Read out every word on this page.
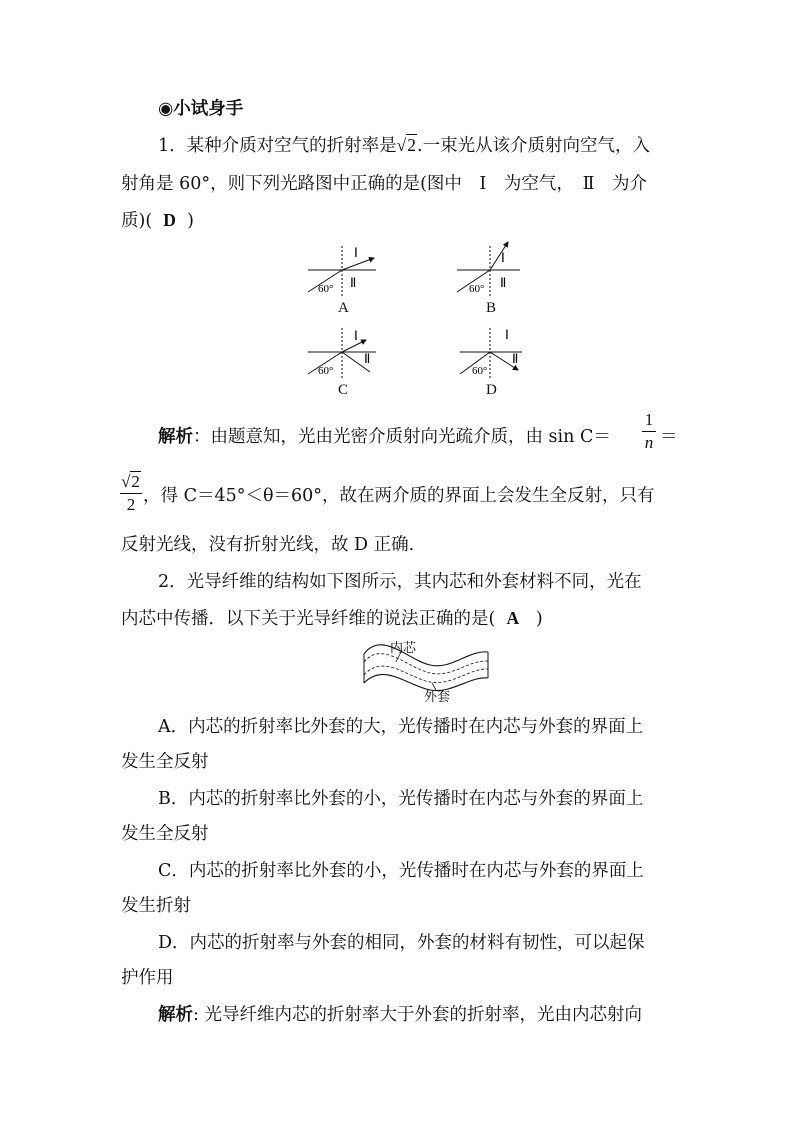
◉小试身手
1．某种介质对空气的折射率是√2.一束光从该介质射向空气，入
射角是 60°，则下列光路图中正确的是(图中　Ⅰ　为空气，　Ⅱ　为介
质)( D )
Ⅰ
Ⅱ
60°
Ⅰ
Ⅱ
60°
Ⅰ
Ⅱ
60°
Ⅰ
Ⅱ
60°
A	B
C	D
解析：由题意知，光由光密介质射向光疏介质，由 sin C＝
1
n ＝
√2
2 ，得 C＝45°＜θ＝60°，故在两介质的界面上会发生全反射，只有
反射光线，没有折射光线，故 D 正确.
2．光导纤维的结构如下图所示，其内芯和外套材料不同，光在
内芯中传播．以下关于光导纤维的说法正确的是( A )
内芯
外套
A．内芯的折射率比外套的大，光传播时在内芯与外套的界面上
发生全反射
B．内芯的折射率比外套的小，光传播时在内芯与外套的界面上
发生全反射
C．内芯的折射率比外套的小，光传播时在内芯与外套的界面上
发生折射
D．内芯的折射率与外套的相同，外套的材料有韧性，可以起保
护作用
解析: 光导纤维内芯的折射率大于外套的折射率，光由内芯射向
